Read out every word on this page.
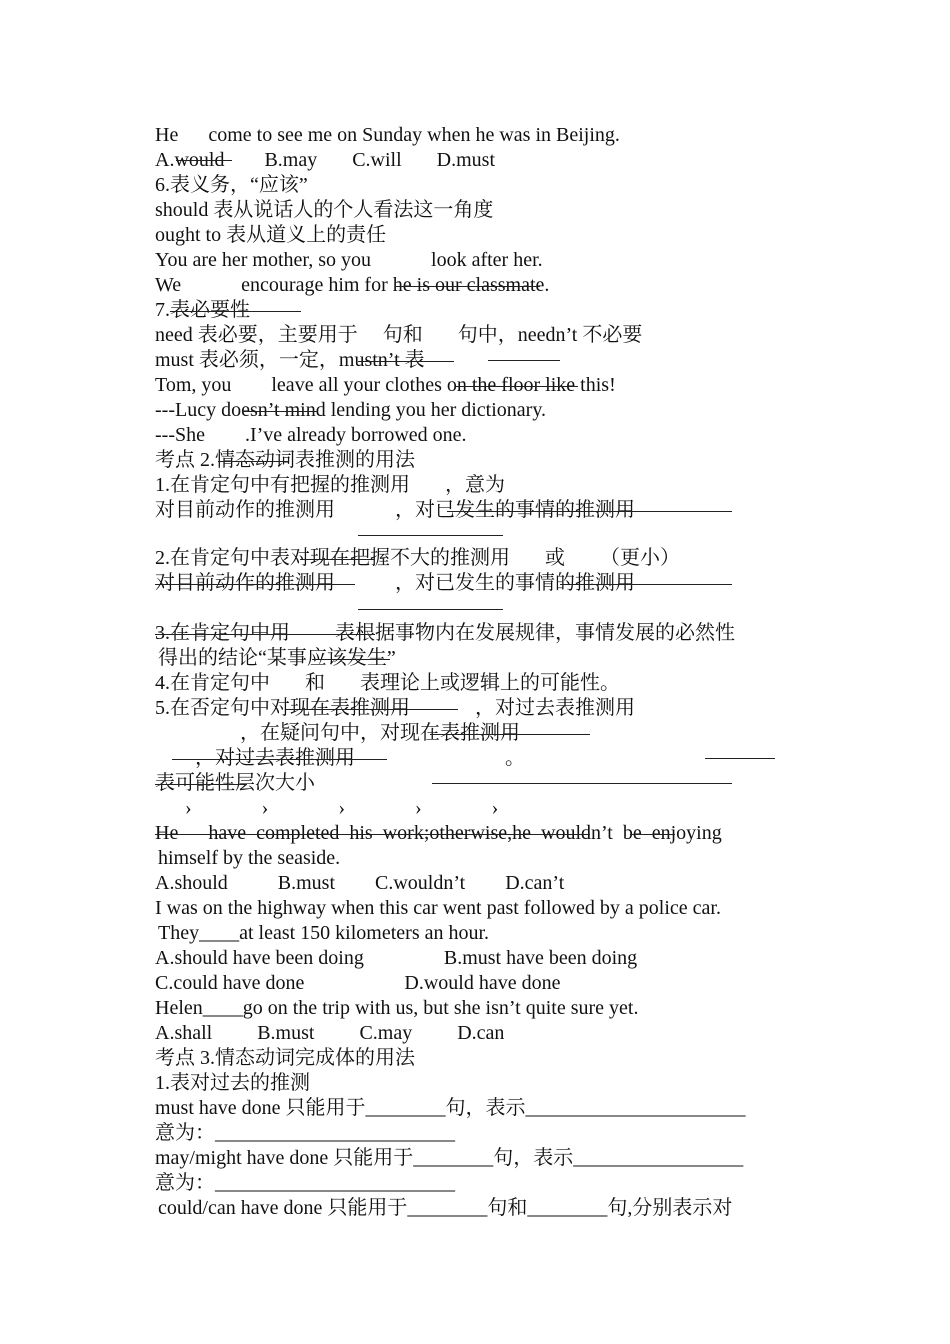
He      come to see me on Sunday when he was in Beijing.
A.would        B.may       C.will       D.must
6.表义务，“应该”
should 表从说话人的个人看法这一角度
ought to 表从道义上的责任
You are her mother, so you            look after her.
We            encourage him for he is our classmate.
7.表必要性
need 表必要，主要用于     句和       句中，needn’t 不必要
must 表必须，一定，mustn’t 表
Tom, you        leave all your clothes on the floor like this!
---Lucy doesn’t mind lending you her dictionary.
---She        .I’ve already borrowed one.
考点 2.情态动词表推测的用法
1.在肯定句中有把握的推测用       ，意为
对目前动作的推测用            ，对已发生的事情的推测用
2.在肯定句中表对现在把握不大的推测用       或       （更小）
对目前动作的推测用            ，对已发生的事情的推测用
3.在肯定句中用         表根据事物内在发展规律，事情发展的必然性
得出的结论“某事应该发生”
4.在肯定句中       和       表理论上或逻辑上的可能性。
5.在否定句中对现在表推测用             ，对过去表推测用
，在疑问句中，对现在表推测用
，对过去表推测用                              。
表可能性层次大小
›              ›              ›              ›              ›
He      have  completed  his  work;otherwise,he  wouldn’t  be  enjoying
himself by the seaside.
A.should          B.must        C.wouldn’t        D.can’t
I was on the highway when this car went past followed by a police car.
They____at least 150 kilometers an hour.
A.should have been doing                B.must have been doing
C.could have done                    D.would have done
Helen____go on the trip with us, but she isn’t quite sure yet.
A.shall         B.must         C.may         D.can
考点 3.情态动词完成体的用法
1.表对过去的推测
must have done 只能用于________句，表示______________________
意为：________________________
may/might have done 只能用于________句，表示_________________
意为：________________________
could/can have done 只能用于________句和________句,分别表示对
